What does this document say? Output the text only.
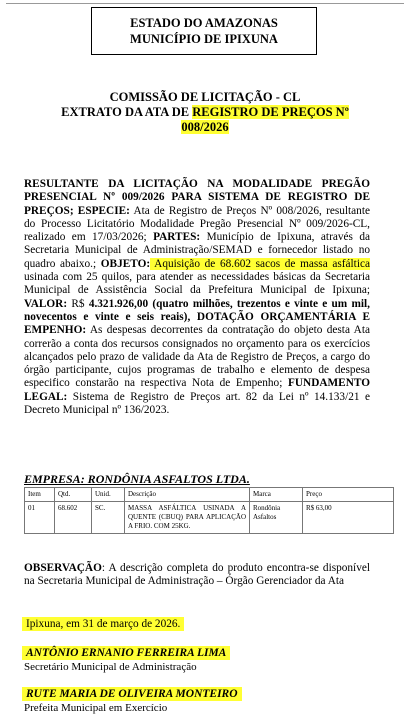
ESTADO DO AMAZONAS
MUNICÍPIO DE IPIXUNA
COMISSÃO DE LICITAÇÃO - CL
EXTRATO DA ATA DE REGISTRO DE PREÇOS Nº
008/2026
RESULTANTE DA LICITAÇÃO NA MODALIDADE PREGÃO PRESENCIAL Nº 009/2026 PARA SISTEMA DE REGISTRO DE PREÇOS; ESPECIE: Ata de Registro de Preços Nº 008/2026, resultante do Processo Licitatório Modalidade Pregão Presencial Nº 009/2026-CL, realizado em 17/03/2026; PARTES: Município de Ipixuna, através da Secretaria Municipal de Administração/SEMAD e fornecedor listado no quadro abaixo.; OBJETO: Aquisição de 68.602 sacos de massa asfáltica usinada com 25 quilos, para atender as necessidades básicas da Secretaria Municipal de Assistência Social da Prefeitura Municipal de Ipixuna; VALOR: R$ 4.321.926,00 (quatro milhões, trezentos e vinte e um mil, novecentos e vinte e seis reais), DOTAÇÃO ORÇAMENTÁRIA E EMPENHO: As despesas decorrentes da contratação do objeto desta Ata correrão a conta dos recursos consignados no orçamento para os exercícios alcançados pelo prazo de validade da Ata de Registro de Preços, a cargo do órgão participante, cujos programas de trabalho e elemento de despesa especifico constarão na respectiva Nota de Empenho; FUNDAMENTO LEGAL: Sistema de Registro de Preços art. 82 da Lei nº 14.133/21 e Decreto Municipal nº 136/2023.
EMPRESA: RONDÔNIA ASFALTOS LTDA.
Item	Qtd.	Unid.	Descrição	Marca	Preço
01	68.602	SC.	MASSA ASFÁLTICA USINADA A QUENTE (CBUQ) PARA APLICAÇÃO A FRIO. COM 25KG.	Rondônia Asfaltos	R$ 63,00
OBSERVAÇÃO: A descrição completa do produto encontra-se disponível na Secretaria Municipal de Administração – Órgão Gerenciador da Ata
Ipixuna, em 31 de março de 2026.
ANTÔNIO ERNANIO FERREIRA LIMA
Secretário Municipal de Administração
RUTE MARIA DE OLIVEIRA MONTEIRO
Prefeita Municipal em Exercício
